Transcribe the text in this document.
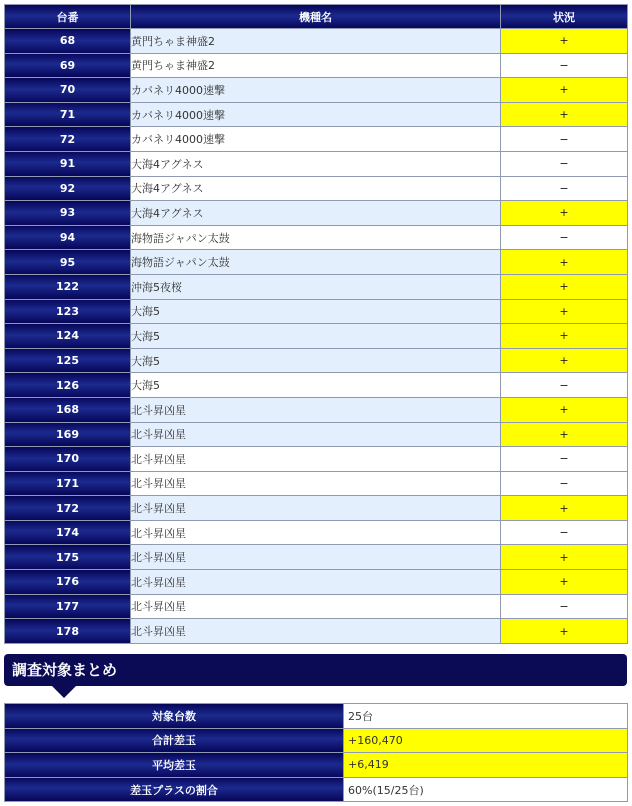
台番	機種名	状況
68	黄門ちゃま神盛2	+
69	黄門ちゃま神盛2	−
70	カバネリ4000速撃	+
71	カバネリ4000速撃	+
72	カバネリ4000速撃	−
91	大海4アグネス	−
92	大海4アグネス	−
93	大海4アグネス	+
94	海物語ジャパン太鼓	−
95	海物語ジャパン太鼓	+
122	沖海5夜桜	+
123	大海5	+
124	大海5	+
125	大海5	+
126	大海5	−
168	北斗昇凶星	+
169	北斗昇凶星	+
170	北斗昇凶星	−
171	北斗昇凶星	−
172	北斗昇凶星	+
174	北斗昇凶星	−
175	北斗昇凶星	+
176	北斗昇凶星	+
177	北斗昇凶星	−
178	北斗昇凶星	+
調査対象まとめ
対象台数	25台
合計差玉	+160,470
平均差玉	+6,419
差玉プラスの割合	60%(15/25台)
